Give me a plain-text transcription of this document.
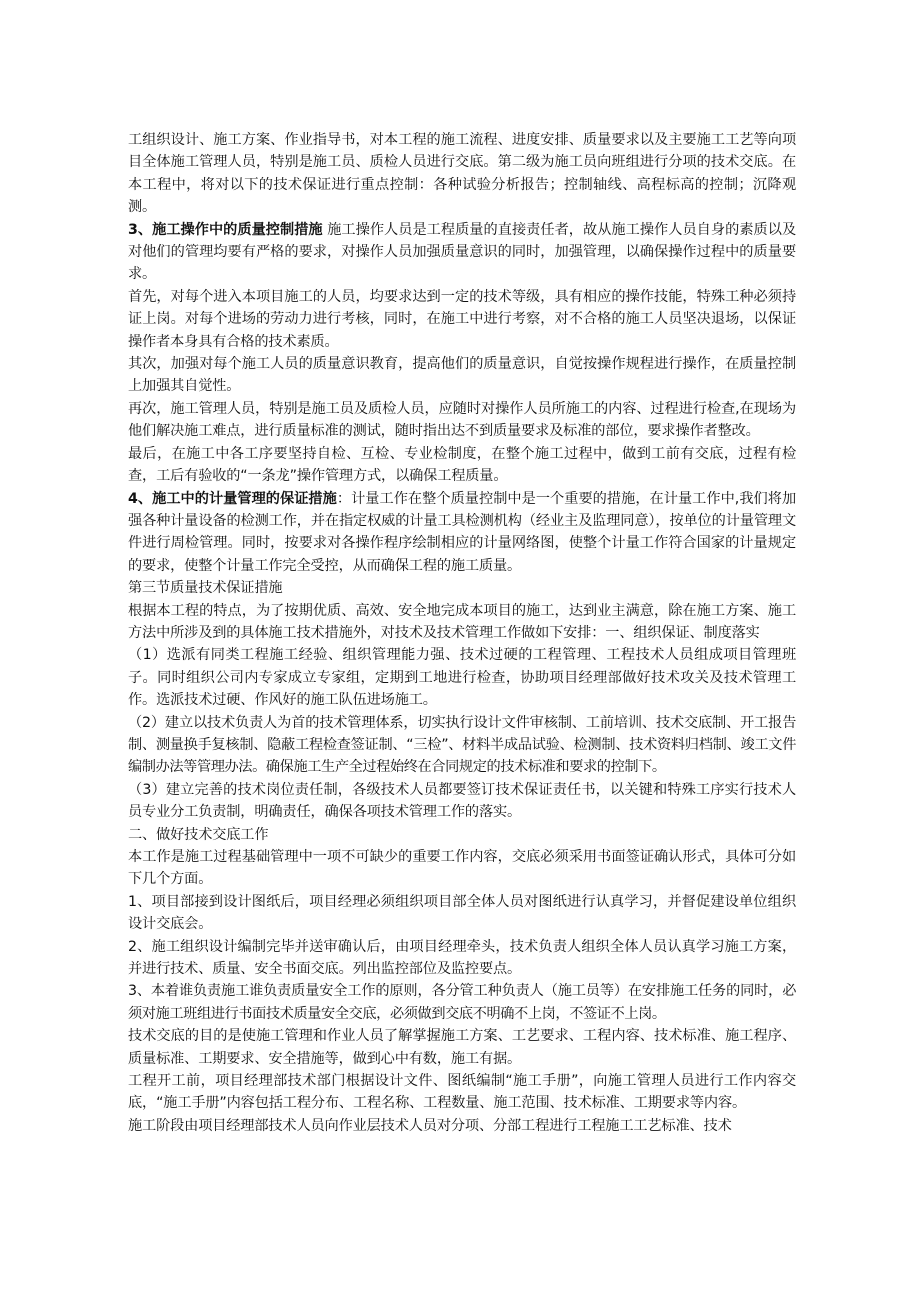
工组织设计、施工方案、作业指导书，对本工程的施工流程、进度安排、质量要求以及主要施工工艺等向项目全体施工管理人员，特别是施工员、质检人员进行交底。第二级为施工员向班组进行分项的技术交底。在本工程中，将对以下的技术保证进行重点控制：各种试验分析报告；控制轴线、高程标高的控制；沉降观测。

3、施工操作中的质量控制措施 施工操作人员是工程质量的直接责任者，故从施工操作人员自身的素质以及对他们的管理均要有严格的要求，对操作人员加强质量意识的同时，加强管理，以确保操作过程中的质量要求。

首先，对每个进入本项目施工的人员，均要求达到一定的技术等级，具有相应的操作技能，特殊工种必须持证上岗。对每个进场的劳动力进行考核，同时，在施工中进行考察，对不合格的施工人员坚决退场，以保证操作者本身具有合格的技术素质。

其次，加强对每个施工人员的质量意识教育，提高他们的质量意识，自觉按操作规程进行操作，在质量控制上加强其自觉性。

再次，施工管理人员，特别是施工员及质检人员，应随时对操作人员所施工的内容、过程进行检查,在现场为他们解决施工难点，进行质量标准的测试，随时指出达不到质量要求及标准的部位，要求操作者整改。

最后，在施工中各工序要坚持自检、互检、专业检制度，在整个施工过程中，做到工前有交底，过程有检查，工后有验收的“一条龙”操作管理方式，以确保工程质量。

4、施工中的计量管理的保证措施：计量工作在整个质量控制中是一个重要的措施，在计量工作中,我们将加强各种计量设备的检测工作，并在指定权威的计量工具检测机构（经业主及监理同意），按单位的计量管理文件进行周检管理。同时，按要求对各操作程序绘制相应的计量网络图，使整个计量工作符合国家的计量规定的要求，使整个计量工作完全受控，从而确保工程的施工质量。

第三节质量技术保证措施

根据本工程的特点，为了按期优质、高效、安全地完成本项目的施工，达到业主满意，除在施工方案、施工方法中所涉及到的具体施工技术措施外，对技术及技术管理工作做如下安排：一、组织保证、制度落实

（1）选派有同类工程施工经验、组织管理能力强、技术过硬的工程管理、工程技术人员组成项目管理班子。同时组织公司内专家成立专家组，定期到工地进行检查，协助项目经理部做好技术攻关及技术管理工作。选派技术过硬、作风好的施工队伍进场施工。

（2）建立以技术负责人为首的技术管理体系，切实执行设计文件审核制、工前培训、技术交底制、开工报告制、测量换手复核制、隐蔽工程检查签证制、“三检”、材料半成品试验、检测制、技术资料归档制、竣工文件编制办法等管理办法。确保施工生产全过程始终在合同规定的技术标准和要求的控制下。

（3）建立完善的技术岗位责任制，各级技术人员都要签订技术保证责任书，以关键和特殊工序实行技术人员专业分工负责制，明确责任，确保各项技术管理工作的落实。

二、做好技术交底工作

本工作是施工过程基础管理中一项不可缺少的重要工作内容，交底必须采用书面签证确认形式，具体可分如下几个方面。

1、项目部接到设计图纸后，项目经理必须组织项目部全体人员对图纸进行认真学习，并督促建设单位组织设计交底会。

2、施工组织设计编制完毕并送审确认后，由项目经理牵头，技术负责人组织全体人员认真学习施工方案，并进行技术、质量、安全书面交底。列出监控部位及监控要点。

3、本着谁负责施工谁负责质量安全工作的原则，各分管工种负责人（施工员等）在安排施工任务的同时，必须对施工班组进行书面技术质量安全交底，必须做到交底不明确不上岗，不签证不上岗。

技术交底的目的是使施工管理和作业人员了解掌握施工方案、工艺要求、工程内容、技术标准、施工程序、质量标准、工期要求、安全措施等，做到心中有数，施工有据。

工程开工前，项目经理部技术部门根据设计文件、图纸编制“施工手册”，向施工管理人员进行工作内容交底，“施工手册”内容包括工程分布、工程名称、工程数量、施工范围、技术标准、工期要求等内容。

施工阶段由项目经理部技术人员向作业层技术人员对分项、分部工程进行工程施工工艺标准、技术
